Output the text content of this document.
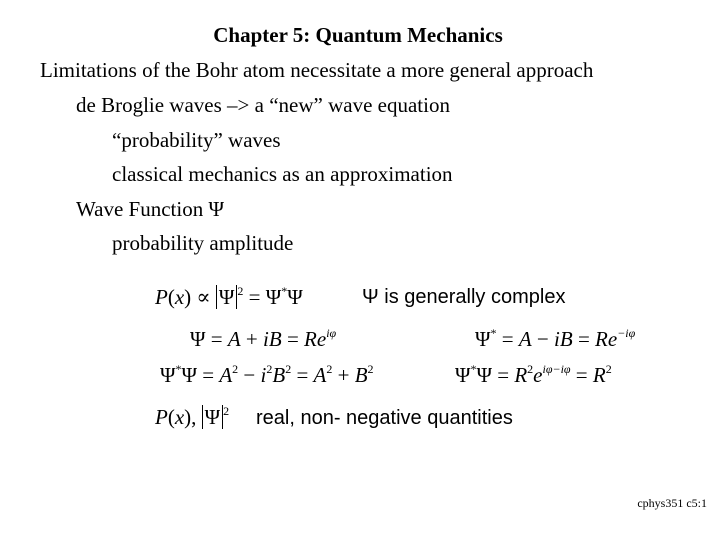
Chapter 5: Quantum Mechanics
Limitations of the Bohr atom necessitate a more general approach
de Broglie waves –> a “new” wave equation
“probability” waves
classical mechanics as an approximation
Wave Function Ψ
probability amplitude
P(x) ∝ Ψ $^2$ = Ψ*Ψ	Ψ is generally complex
Ψ = A + iB = $Re^{i\varphi}$	Ψ* = A − iB = $Re^{-i\varphi}$
$\Psi^*\Psi = A^2 - i^2B^2 = A^2 + B^2$	$\Psi^*\Psi = R^2e^{i\varphi-i\varphi} = R^2$
P(x), Ψ $^2$ real, non- negative quantities
cphys351 c5:1
